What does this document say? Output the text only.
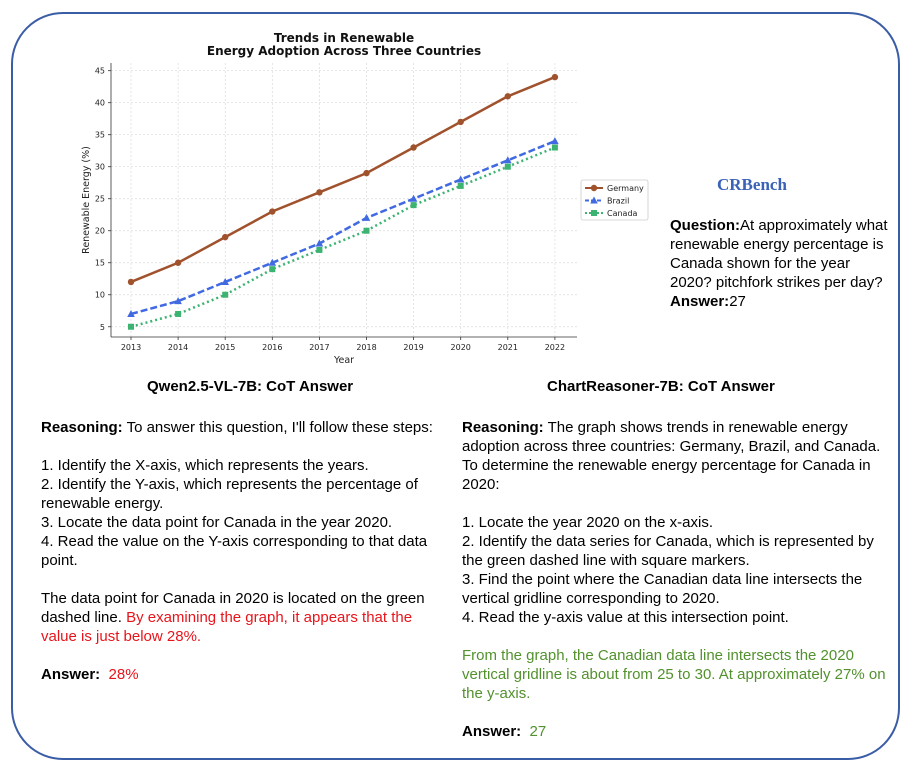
5
10
15
20
25
30
35
40
45
2013	2014	2015	2016	2017	2018	2019	2020	2021	2022
Trends in Renewable
Energy Adoption Across Three Countries
Year
Renewable Energy (%)	Germany
Brazil
Canada
CRBench
Question:At approximately what renewable energy percentage is Canada shown for the year 2020? pitchfork strikes per day?
Answer:27
Qwen2.5-VL-7B: CoT Answer	ChartReasoner-7B: CoT Answer

Reasoning: To answer this question, I'll follow these steps:

1. Identify the X-axis, which represents the years.
2. Identify the Y-axis, which represents the percentage of renewable energy.
3. Locate the data point for Canada in the year 2020.
4. Read the value on the Y-axis corresponding to that data point.

The data point for Canada in 2020 is located on the green dashed line. By examining the graph, it appears that the value is just below 28%.

Answer: 28%

Reasoning: The graph shows trends in renewable energy adoption across three countries: Germany, Brazil, and Canada. To determine the renewable energy percentage for Canada in 2020:

1. Locate the year 2020 on the x-axis.
2. Identify the data series for Canada, which is represented by the green dashed line with square markers.
3. Find the point where the Canadian data line intersects the vertical gridline corresponding to 2020.
4. Read the y-axis value at this intersection point.

From the graph, the Canadian data line intersects the 2020 vertical gridline is about from 25 to 30. At approximately 27% on the y-axis.

Answer: 27
